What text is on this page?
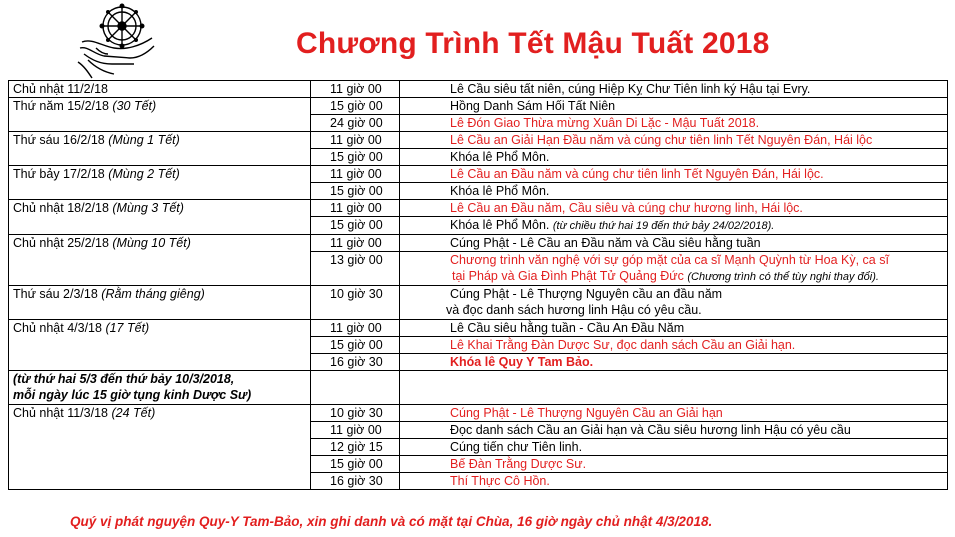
Chương Trình Tết Mậu Tuất 2018
Chủ nhật 11/2/18	11 giờ 00	Lê Cầu siêu tất niên, cúng Hiệp Kỵ Chư Tiên linh ký Hậu tại Evry.
Thứ năm 15/2/18 (30 Tết)	15 giờ 00	Hồng Danh Sám Hối Tất Niên
	24 giờ 00	Lê Đón Giao Thừa mừng Xuân Di Lặc - Mậu Tuất 2018.
Thứ sáu 16/2/18 (Mùng 1 Tết)	11 giờ 00	Lê Cầu an Giải Hạn Đầu năm và cúng chư tiên linh Tết Nguyên Đán, Hái lộc
	15 giờ 00	Khóa lê Phổ Môn.
Thứ bảy 17/2/18 (Mùng 2 Tết)	11 giờ 00	Lê Cầu an Đầu năm và cúng chư tiên linh Tết Nguyên Đán, Hái lộc.
	15 giờ 00	Khóa lê Phổ Môn.
Chủ nhật 18/2/18 (Mùng 3 Tết)	11 giờ 00	Lê Cầu an Đầu năm, Cầu siêu và cúng chư hương linh, Hái lộc.
	15 giờ 00	Khóa lê Phổ Môn. (từ chiều thứ hai 19 đến thứ bảy 24/02/2018).
Chủ nhật 25/2/18 (Mùng 10 Tết)	11 giờ 00	Cúng Phật - Lê Cầu an Đầu năm và Cầu siêu hằng tuần
	13 giờ 00	Chương trình văn nghệ với sự góp mặt của ca sĩ Mạnh Quỳnh từ Hoa Kỳ, ca sĩ
tại Pháp và Gia Đình Phật Tử Quảng Đức (Chương trình có thể tùy nghi thay đổi).

Thứ sáu 2/3/18 (Rằm tháng giêng)	10 giờ 30	Cúng Phật - Lê Thượng Nguyên cầu an đầu năm
và đọc danh sách hương linh Hậu có yêu cầu.

Chủ nhật 4/3/18 (17 Tết)	11 giờ 00	Lê Cầu siêu hằng tuần - Cầu An Đầu Năm
	15 giờ 00	Lê Khai Trằng Đàn Dược Sư, đọc danh sách Cầu an Giải hạn.
	16 giờ 30	Khóa lê Quy Y Tam Bảo.

(từ thứ hai 5/3 đến thứ bảy 10/3/2018,
mỗi ngày lúc 15 giờ tụng kinh Dược Sư)		

Chủ nhật 11/3/18 (24 Tết)	10 giờ 30	Cúng Phật - Lê Thượng Nguyên Cầu an Giải hạn
	11 giờ 00	Đọc danh sách Cầu an Giải hạn và Cầu siêu hương linh Hậu có yêu cầu
	12 giờ 15	Cúng tiến chư Tiên linh.
	15 giờ 00	Bế Đàn Trằng Dược Sư.
	16 giờ 30	Thí Thực Cô Hồn.
Quý vị phát nguyện Quy-Y Tam-Bảo, xin ghi danh và có mặt tại Chùa, 16 giờ ngày chủ nhật 4/3/2018.
